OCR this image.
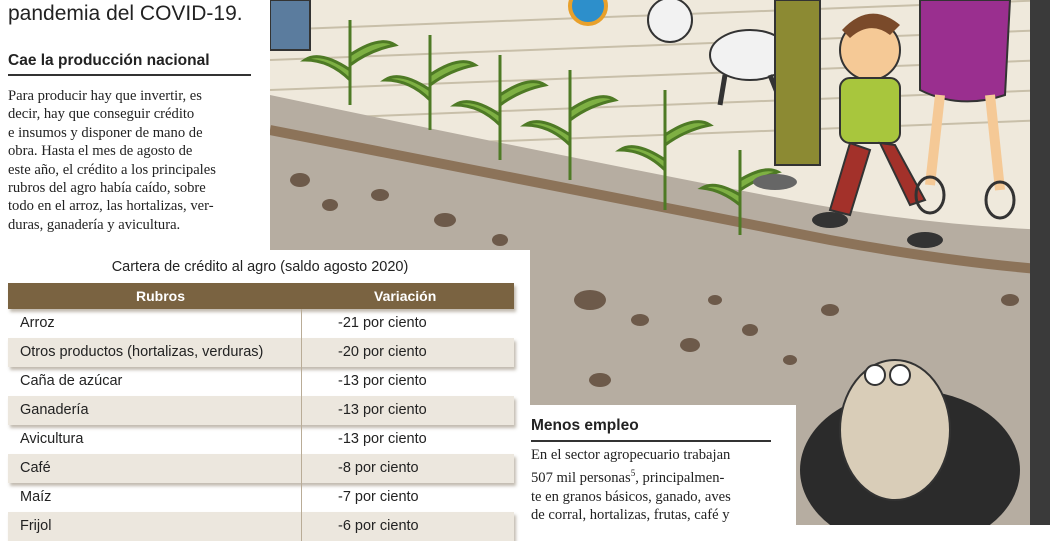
pandemia del COVID-19.
Cae la producción nacional
Para producir hay que invertir, es
decir, hay que conseguir crédito
e insumos y disponer de mano de
obra. Hasta el mes de agosto de
este año, el crédito a los principales
rubros del agro había caído, sobre
todo en el arroz, las hortalizas, ver-
duras, ganadería y avicultura.
Cartera de crédito al agro (saldo agosto 2020)
Rubros	Variación
Arroz	-21 por ciento
Otros productos (hortalizas, verduras)	-20 por ciento
Caña de azúcar	-13 por ciento
Ganadería	-13 por ciento
Avicultura	-13 por ciento
Café	-8 por ciento
Maíz	-7 por ciento
Frijol	-6 por ciento
Menos empleo
En el sector agropecuario trabajan
507 mil personas$^5$, principalmen-
te en granos básicos, ganado, aves
de corral, hortalizas, frutas, café y
